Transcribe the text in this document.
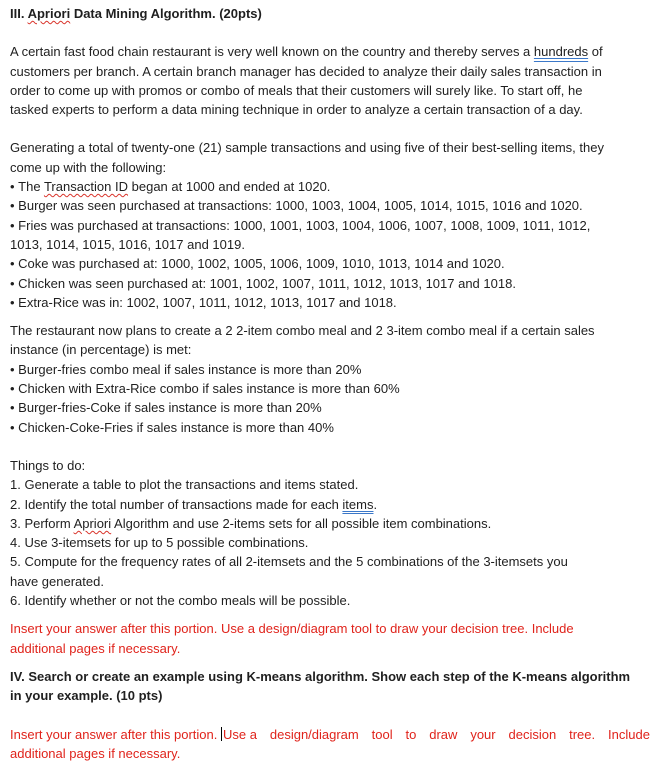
III. Apriori Data Mining Algorithm. (20pts)
A certain fast food chain restaurant is very well known on the country and thereby serves a hundreds of
customers per branch. A certain branch manager has decided to analyze their daily sales transaction in
order to come up with promos or combo of meals that their customers will surely like. To start off, he
tasked experts to perform a data mining technique in order to analyze a certain transaction of a day.
Generating a total of twenty-one (21) sample transactions and using five of their best-selling items, they
come up with the following:
• The Transaction ID began at 1000 and ended at 1020.
• Burger was seen purchased at transactions: 1000, 1003, 1004, 1005, 1014, 1015, 1016 and 1020.
• Fries was purchased at transactions: 1000, 1001, 1003, 1004, 1006, 1007, 1008, 1009, 1011, 1012,
1013, 1014, 1015, 1016, 1017 and 1019.
• Coke was purchased at: 1000, 1002, 1005, 1006, 1009, 1010, 1013, 1014 and 1020.
• Chicken was seen purchased at: 1001, 1002, 1007, 1011, 1012, 1013, 1017 and 1018.
• Extra-Rice was in: 1002, 1007, 1011, 1012, 1013, 1017 and 1018.
The restaurant now plans to create a 2 2-item combo meal and 2 3-item combo meal if a certain sales
instance (in percentage) is met:
• Burger-fries combo meal if sales instance is more than 20%
• Chicken with Extra-Rice combo if sales instance is more than 60%
• Burger-fries-Coke if sales instance is more than 20%
• Chicken-Coke-Fries if sales instance is more than 40%
Things to do:
1. Generate a table to plot the transactions and items stated.
2. Identify the total number of transactions made for each items.
3. Perform Apriori Algorithm and use 2-items sets for all possible item combinations.
4. Use 3-itemsets for up to 5 possible combinations.
5. Compute for the frequency rates of all 2-itemsets and the 5 combinations of the 3-itemsets you
have generated.
6. Identify whether or not the combo meals will be possible.
Insert your answer after this portion. Use a design/diagram tool to draw your decision tree. Include
additional pages if necessary.
IV. Search or create an example using K-means algorithm. Show each step of the K-means algorithm
in your example. (10 pts)
Insert your answer after this portion. Use a design/diagram tool to draw your decision tree. Include
additional pages if necessary.
